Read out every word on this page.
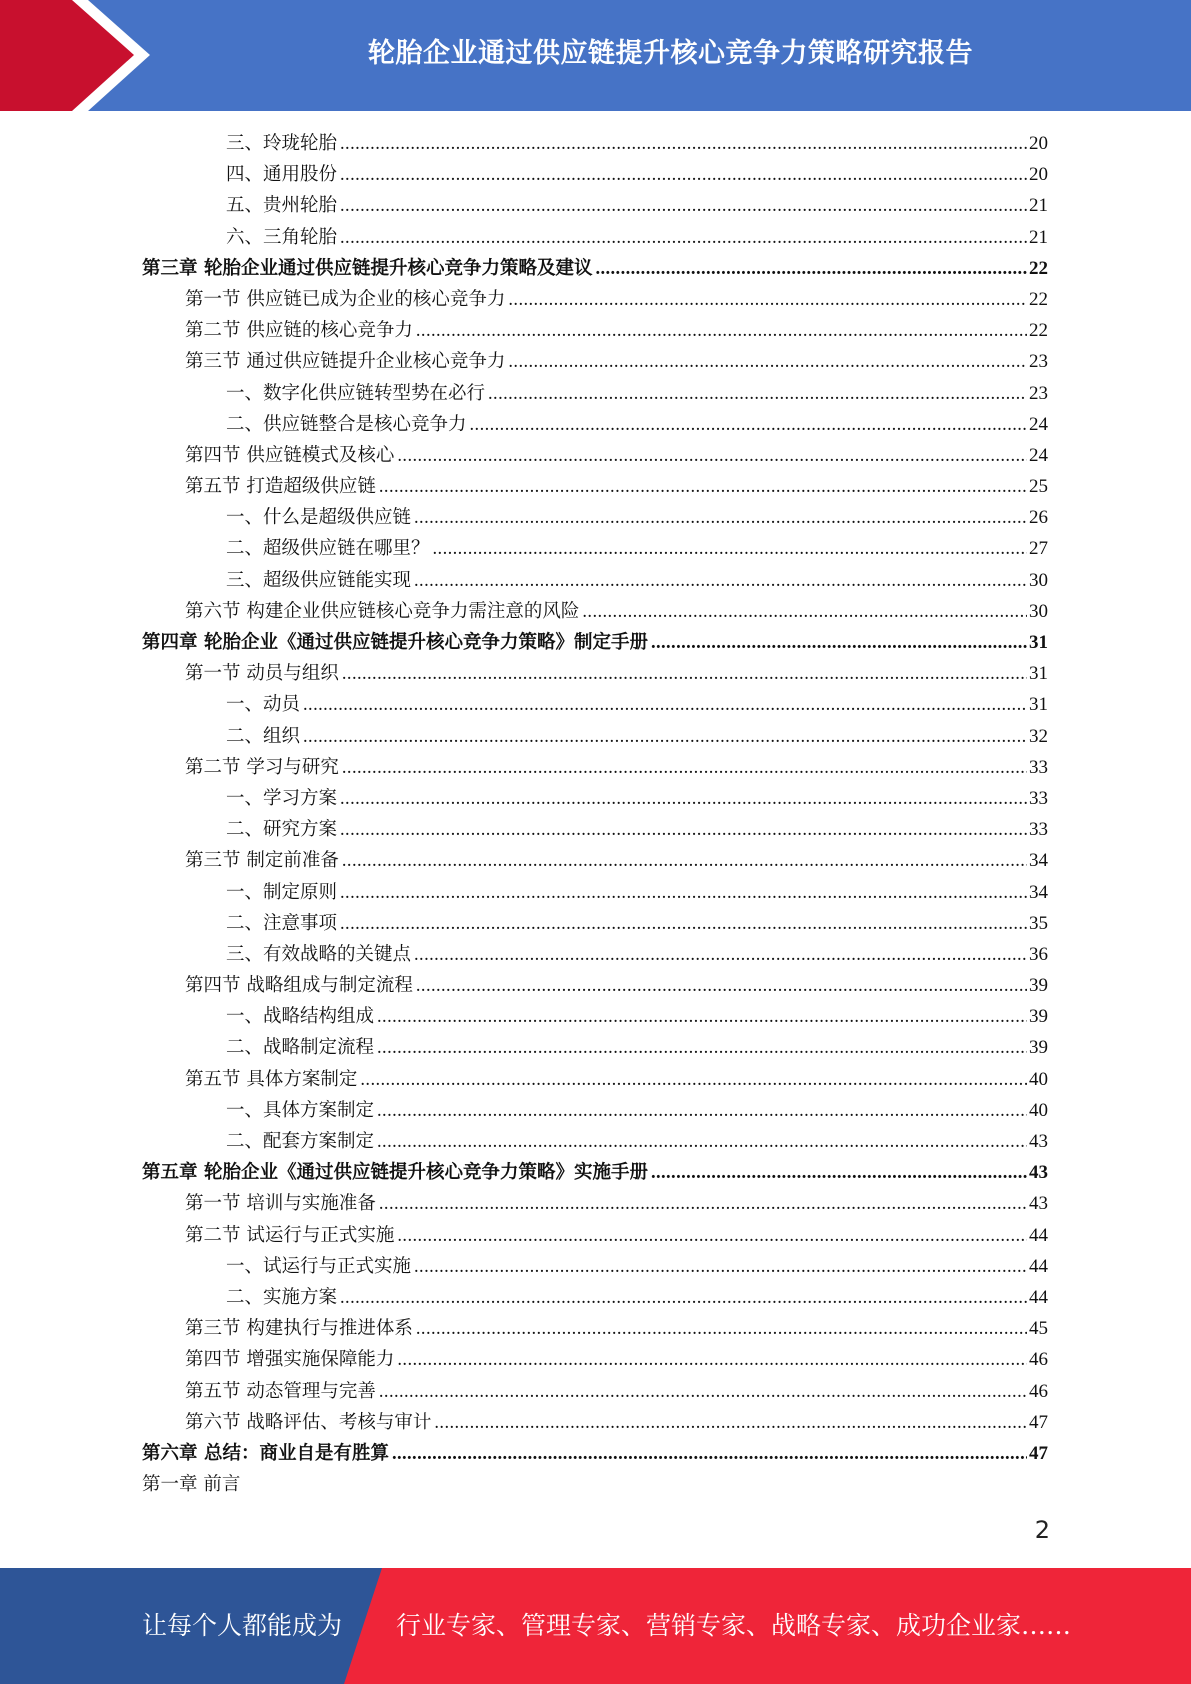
轮胎企业通过供应链提升核心竞争力策略研究报告
三、玲珑轮胎 .....	20
四、通用股份 .....	20
五、贵州轮胎 .....	21
六、三角轮胎 .....	21
第三章 轮胎企业通过供应链提升核心竞争力策略及建议 .....	22
第一节 供应链已成为企业的核心竞争力 .....	22
第二节 供应链的核心竞争力 .....	22
第三节 通过供应链提升企业核心竞争力 .....	23
一、数字化供应链转型势在必行 .....	23
二、供应链整合是核心竞争力 .....	24
第四节 供应链模式及核心 .....	24
第五节 打造超级供应链 .....	25
一、什么是超级供应链 .....	26
二、超级供应链在哪里？ .....	27
三、超级供应链能实现 .....	30
第六节 构建企业供应链核心竞争力需注意的风险 .....	30
第四章 轮胎企业《通过供应链提升核心竞争力策略》制定手册 .....	31
第一节 动员与组织 .....	31
一、动员 .....	31
二、组织 .....	32
第二节 学习与研究 .....	33
一、学习方案 .....	33
二、研究方案 .....	33
第三节 制定前准备 .....	34
一、制定原则 .....	34
二、注意事项 .....	35
三、有效战略的关键点 .....	36
第四节 战略组成与制定流程 .....	39
一、战略结构组成 .....	39
二、战略制定流程 .....	39
第五节 具体方案制定 .....	40
一、具体方案制定 .....	40
二、配套方案制定 .....	43
第五章 轮胎企业《通过供应链提升核心竞争力策略》实施手册 .....	43
第一节 培训与实施准备 .....	43
第二节 试运行与正式实施 .....	44
一、试运行与正式实施 .....	44
二、实施方案 .....	44
第三节 构建执行与推进体系 .....	45
第四节 增强实施保障能力 .....	46
第五节 动态管理与完善 .....	46
第六节 战略评估、考核与审计 .....	47
第六章 总结：商业自是有胜算 .....	47
第一章 前言
2
让每个人都能成为 行业专家、管理专家、营销专家、战略专家、成功企业家……
